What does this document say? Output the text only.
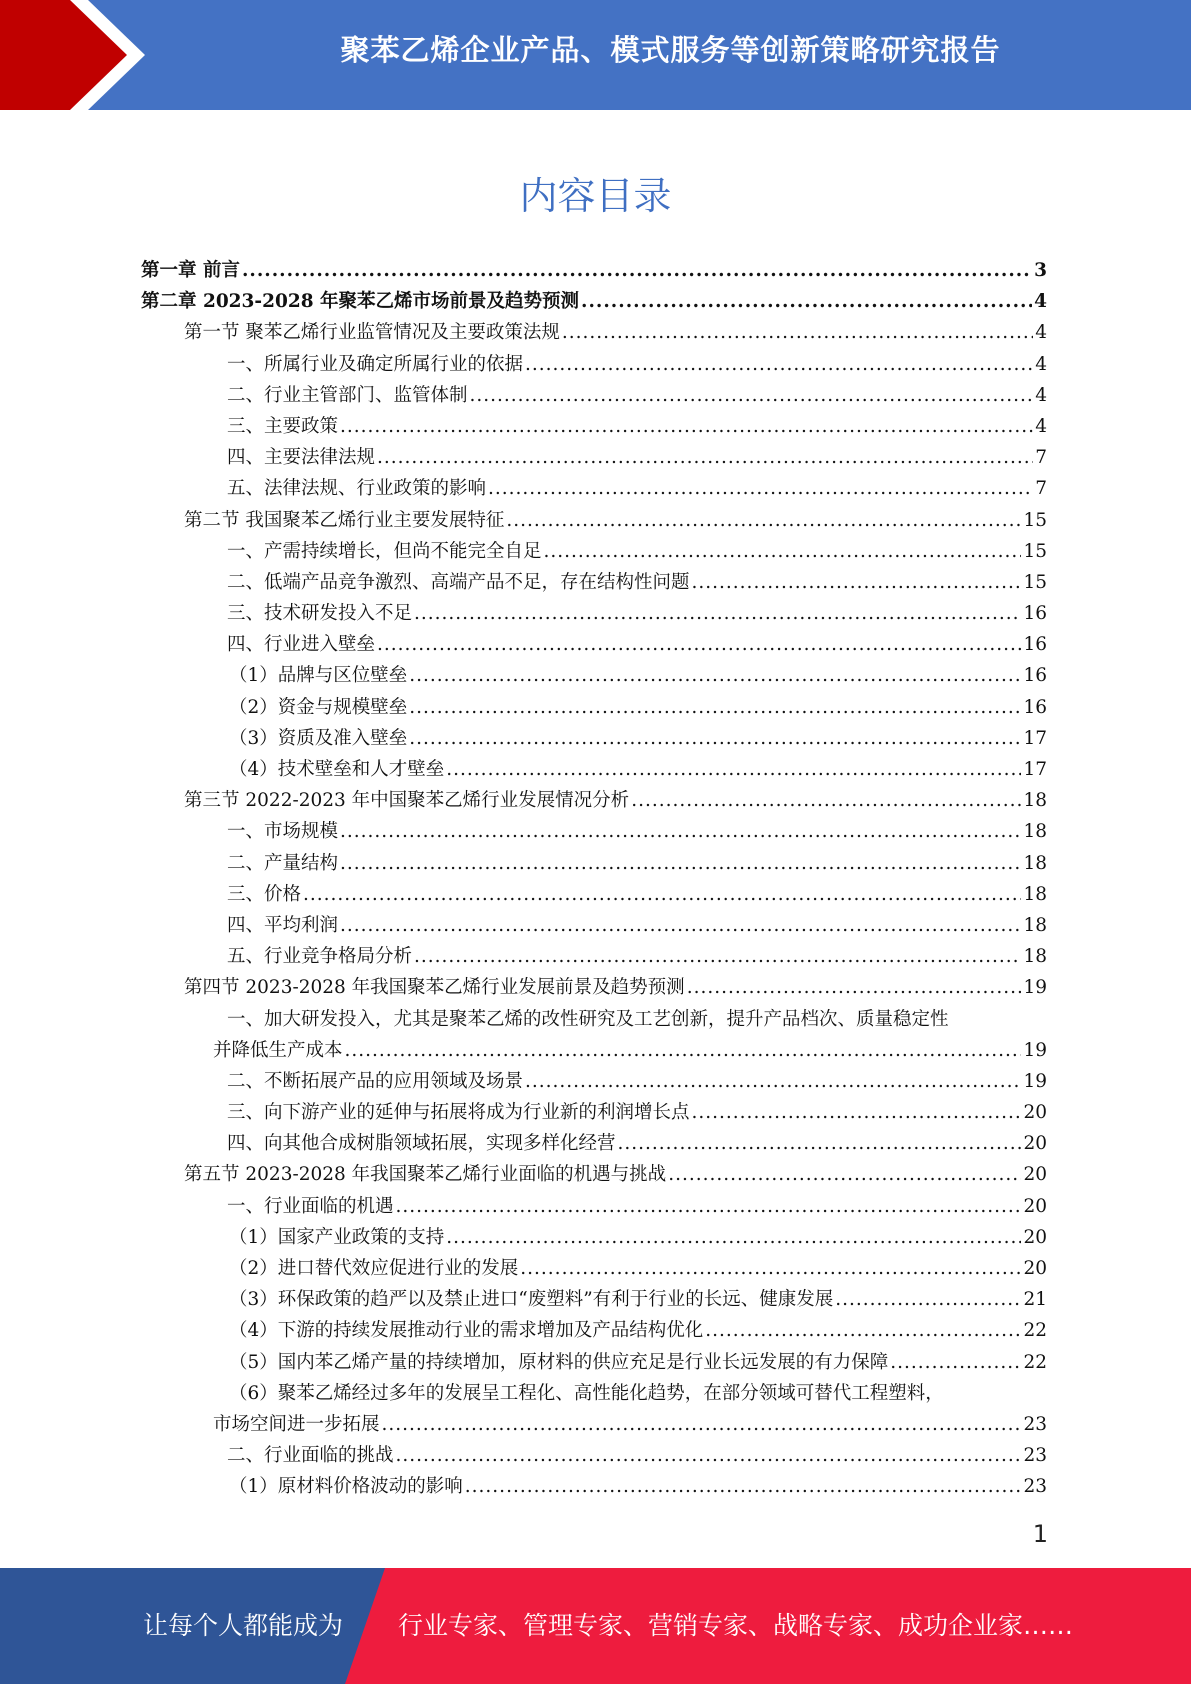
聚苯乙烯企业产品、模式服务等创新策略研究报告
内容目录
第一章 前言 .....	3
第二章 2023-2028 年聚苯乙烯市场前景及趋势预测 .....	4
第一节 聚苯乙烯行业监管情况及主要政策法规 .....	4
一、所属行业及确定所属行业的依据 .....	4
二、行业主管部门、监管体制 .....	4
三、主要政策 .....	4
四、主要法律法规 .....	7
五、法律法规、行业政策的影响 .....	7
第二节 我国聚苯乙烯行业主要发展特征 .....	15
一、产需持续增长，但尚不能完全自足 .....	15
二、低端产品竞争激烈、高端产品不足，存在结构性问题 .....	15
三、技术研发投入不足 .....	16
四、行业进入壁垒 .....	16
（1）品牌与区位壁垒 .....	16
（2）资金与规模壁垒 .....	16
（3）资质及准入壁垒 .....	17
（4）技术壁垒和人才壁垒 .....	17
第三节 2022-2023 年中国聚苯乙烯行业发展情况分析 .....	18
一、市场规模 .....	18
二、产量结构 .....	18
三、价格 .....	18
四、平均利润 .....	18
五、行业竞争格局分析 .....	18
第四节 2023-2028 年我国聚苯乙烯行业发展前景及趋势预测 .....	19
一、加大研发投入，尤其是聚苯乙烯的改性研究及工艺创新，提升产品档次、质量稳定性
并降低生产成本 .....	19
二、不断拓展产品的应用领域及场景 .....	19
三、向下游产业的延伸与拓展将成为行业新的利润增长点 .....	20
四、向其他合成树脂领域拓展，实现多样化经营 .....	20
第五节 2023-2028 年我国聚苯乙烯行业面临的机遇与挑战 .....	20
一、行业面临的机遇 .....	20
（1）国家产业政策的支持 .....	20
（2）进口替代效应促进行业的发展 .....	20
（3）环保政策的趋严以及禁止进口“废塑料”有利于行业的长远、健康发展 .....	21
（4）下游的持续发展推动行业的需求增加及产品结构优化 .....	22
（5）国内苯乙烯产量的持续增加，原材料的供应充足是行业长远发展的有力保障 .....	22
（6）聚苯乙烯经过多年的发展呈工程化、高性能化趋势，在部分领域可替代工程塑料，
市场空间进一步拓展 .....	23
二、行业面临的挑战 .....	23
（1）原材料价格波动的影响 .....	23
1
让每个人都能成为 行业专家、管理专家、营销专家、战略专家、成功企业家……
